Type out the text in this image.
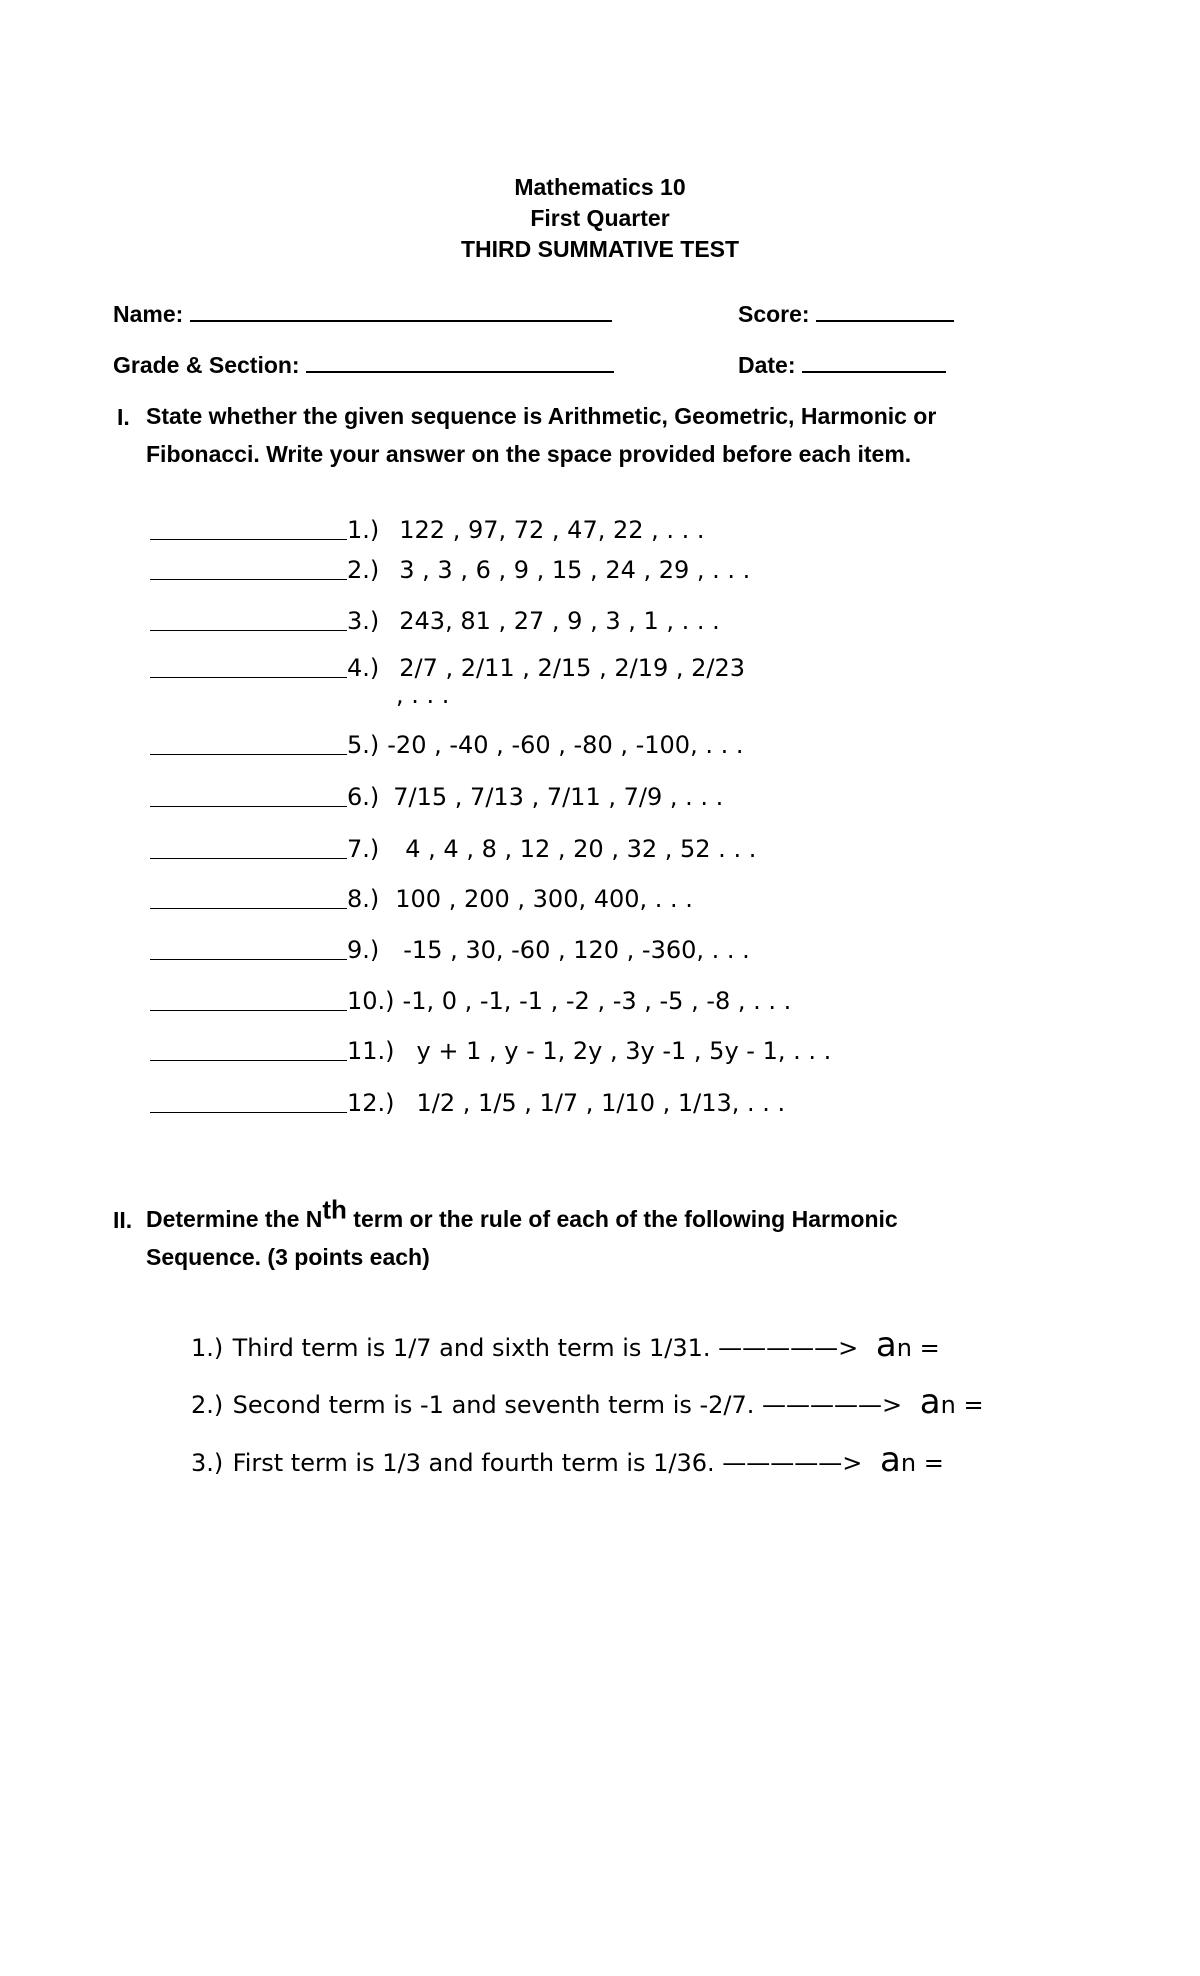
Mathematics 10
First Quarter
THIRD SUMMATIVE TEST
Name:	Score:
Grade & Section:	Date:
I. State whether the given sequence is Arithmetic, Geometric, Harmonic or
Fibonacci. Write your answer on the space provided before each item.
1.) 122 , 97, 72 , 47, 22 , . . .
2.) 3 , 3 , 6 , 9 , 15 , 24 , 29 , . . .
3.) 243, 81 , 27 , 9 , 3 , 1 , . . .
4.) 2/7 , 2/11 , 2/15 , 2/19 , 2/23
, . . .
5.) -20 , -40 , -60 , -80 , -100, . . .
6.) 7/15 , 7/13 , 7/11 , 7/9 , . . .
7.) 4 , 4 , 8 , 12 , 20 , 32 , 52 . . .
8.) 100 , 200 , 300, 400, . . .
9.) -15 , 30, -60 , 120 , -360, . . .
10.) -1, 0 , -1, -1 , -2 , -3 , -5 , -8 , . . .
11.) y + 1 , y - 1, 2y , 3y -1 , 5y - 1, . . .
12.) 1/2 , 1/5 , 1/7 , 1/10 , 1/13, . . .
II. Determine the $N^{th}$ term or the rule of each of the following Harmonic
Sequence. (3 points each)
1.) Third term is 1/7 and sixth term is 1/31. —————> an =
2.) Second term is -1 and seventh term is -2/7. —————> an =
3.) First term is 1/3 and fourth term is 1/36. —————> an =
